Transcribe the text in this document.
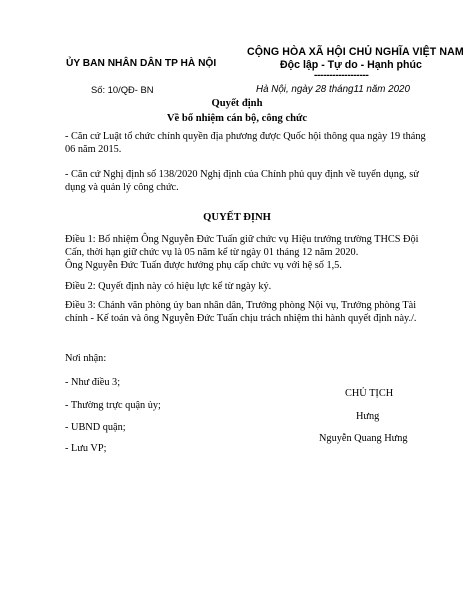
ỦY BAN NHÂN DÂN TP HÀ NỘI
CỘNG HÒA XÃ HỘI CHỦ NGHĨA VIỆT NAM
Độc lập - Tự do - Hạnh phúc
------------------
Số: 10/QĐ- BN	Hà Nội, ngày 28 tháng11 năm 2020
Quyết định
Về bổ nhiệm cán bộ, công chức
- Căn cứ Luật tổ chức chính quyền địa phương được Quốc hội thông qua ngày 19 tháng 06 năm 2015.
- Căn cứ Nghị định số 138/2020 Nghị định của Chính phủ quy định về tuyển dụng, sử dụng và quản lý công chức.
QUYẾT ĐỊNH
Điều 1: Bổ nhiệm Ông Nguyễn Đức Tuấn giữ chức vụ Hiệu trưởng trường THCS Đội Cấn, thời hạn giữ chức vụ là 05 năm kể từ ngày 01 tháng 12 năm 2020.
Ông Nguyễn Đức Tuấn được hưởng phụ cấp chức vụ với hệ số 1,5.
Điều 2: Quyết định này có hiệu lực kể từ ngày ký.
Điều 3: Chánh văn phòng ủy ban nhân dân, Trưởng phòng Nội vụ, Trưởng phòng Tài chính - Kế toán và ông Nguyễn Đức Tuấn chịu trách nhiệm thi hành quyết định này./.
Nơi nhận:
- Như điều 3;
- Thường trực quận ủy;
- UBND quận;
- Lưu VP;
CHỦ TỊCH
Hưng
Nguyễn Quang Hưng
